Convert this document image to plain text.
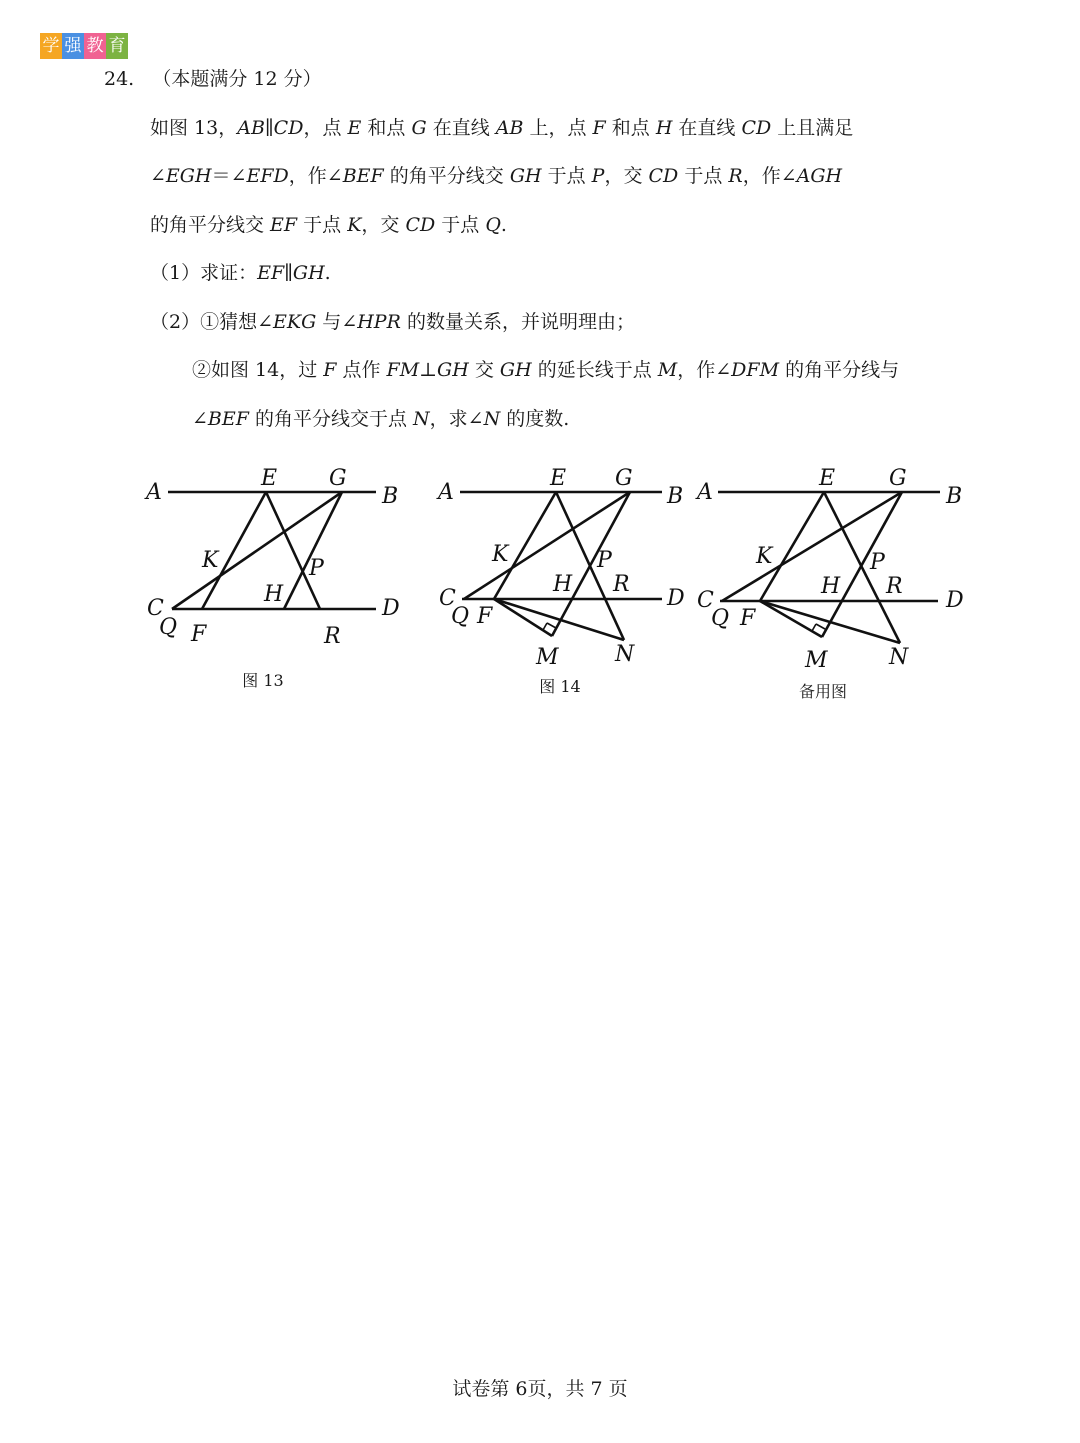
学 强 教 育
24. （本题满分 12 分）
如图 13，AB∥CD，点 E 和点 G 在直线 AB 上，点 F 和点 H 在直线 CD 上且满足
∠EGH＝∠EFD，作∠BEF 的角平分线交 GH 于点 P，交 CD 于点 R，作∠AGH
的角平分线交 EF 于点 K，交 CD 于点 Q.
（1）求证：EF∥GH.
（2）①猜想∠EKG 与∠HPR 的数量关系，并说明理由；
②如图 14，过 F 点作 FM⊥GH 交 GH 的延长线于点 M，作∠DFM 的角平分线与
∠BEF 的角平分线交于点 N，求∠N 的度数.
A
E G
B
K	P
H
C	D
Q F	R
图 13
A
E G
B
K	P
H R
C	D
Q F
M	N
图 14
A
E G
B
K	P
H R
C	D
Q F
M	N
备用图
试卷第 6页，共 7 页
